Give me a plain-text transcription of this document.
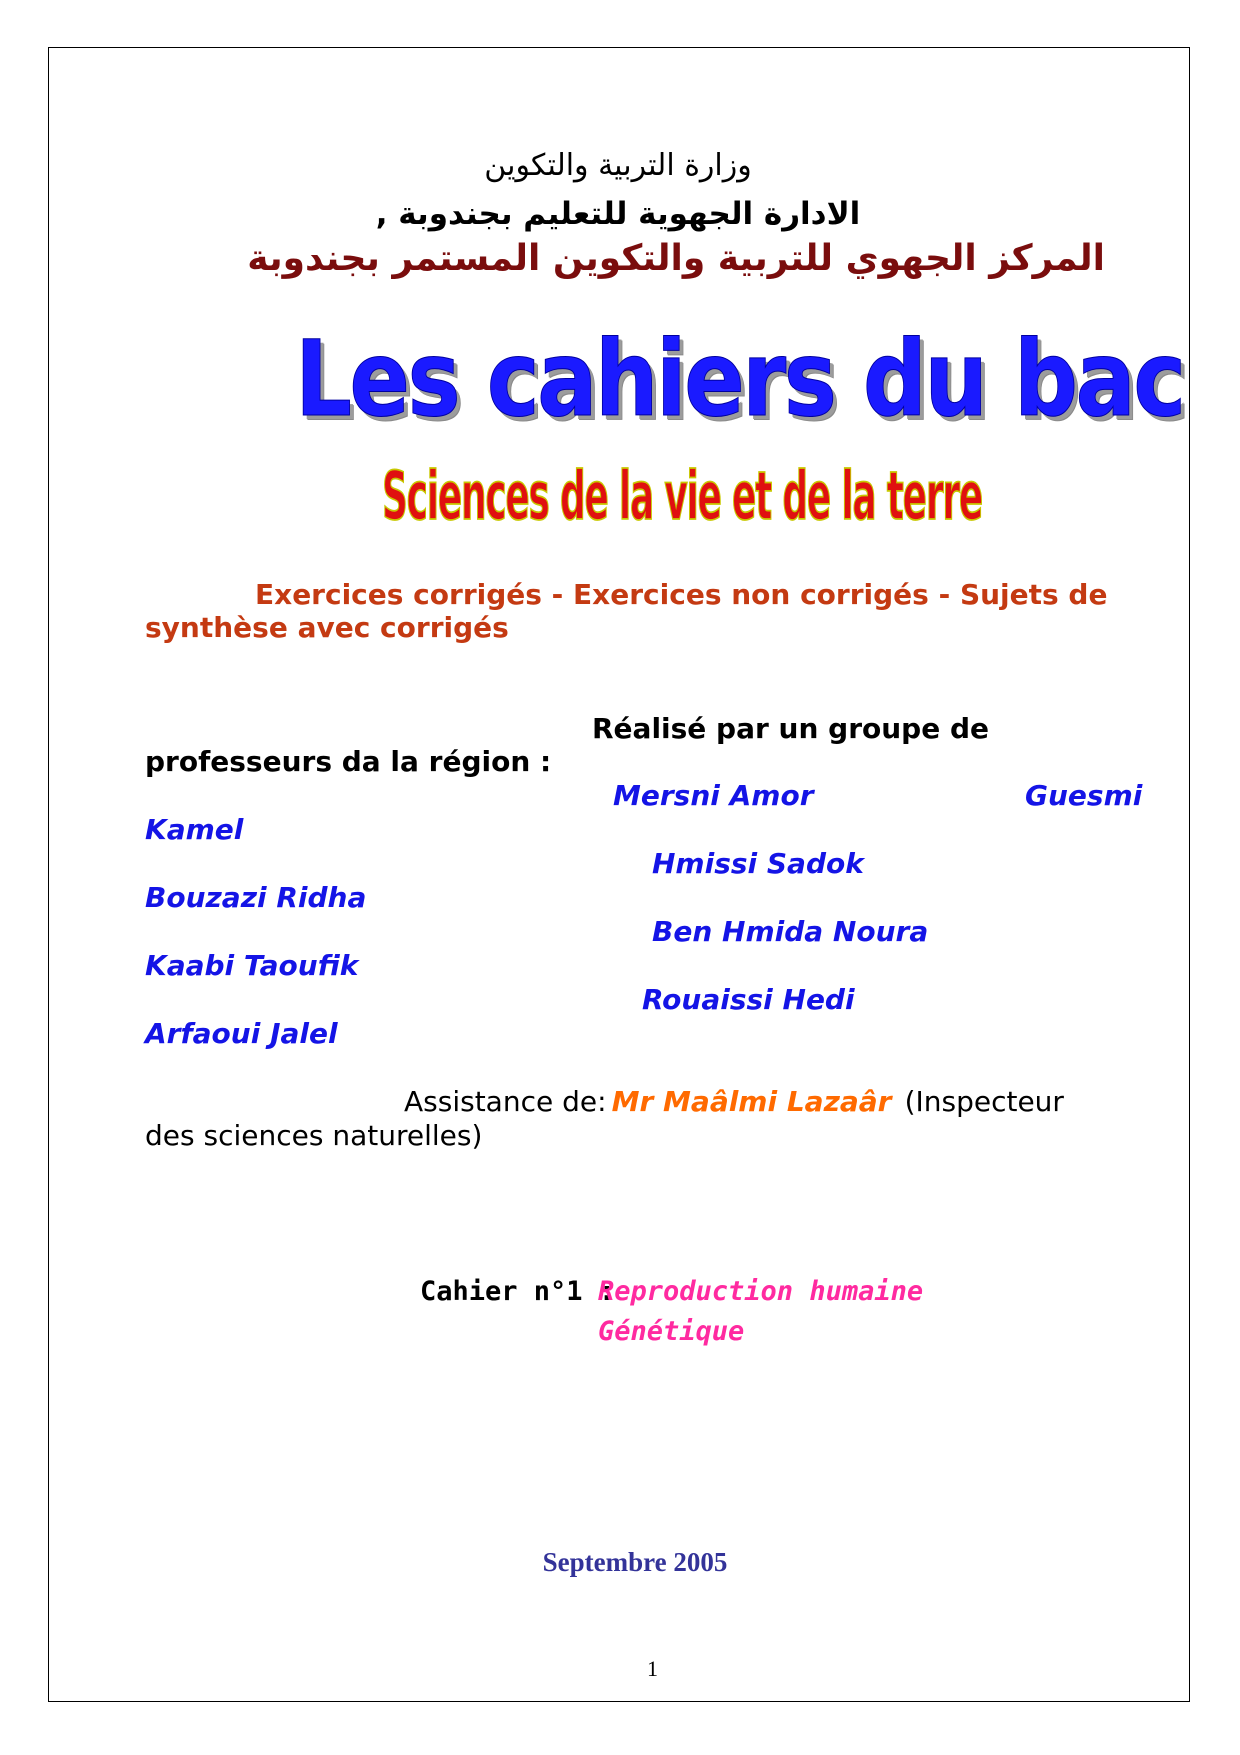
وزارة التربية والتكوين
الادارة الجهوية للتعليم بجندوبة ,
المركز الجهوي للتربية والتكوين المستمر بجندوبة
Les cahiers du bac
Sciences de la vie et de la terre
Exercices corrigés - Exercices non corrigés - Sujets de
synthèse avec corrigés
Réalisé par un groupe de
professeurs da la région :
Mersni Amor	Guesmi
Kamel
Hmissi Sadok
Bouzazi Ridha
Ben Hmida Noura
Kaabi Taoufik
Rouaissi Hedi
Arfaoui Jalel
Assistance de: Mr Maâlmi Lazaâr (Inspecteur
des sciences naturelles)
Cahier n°1 :
Reproduction humaine
Génétique
Septembre 2005
1
